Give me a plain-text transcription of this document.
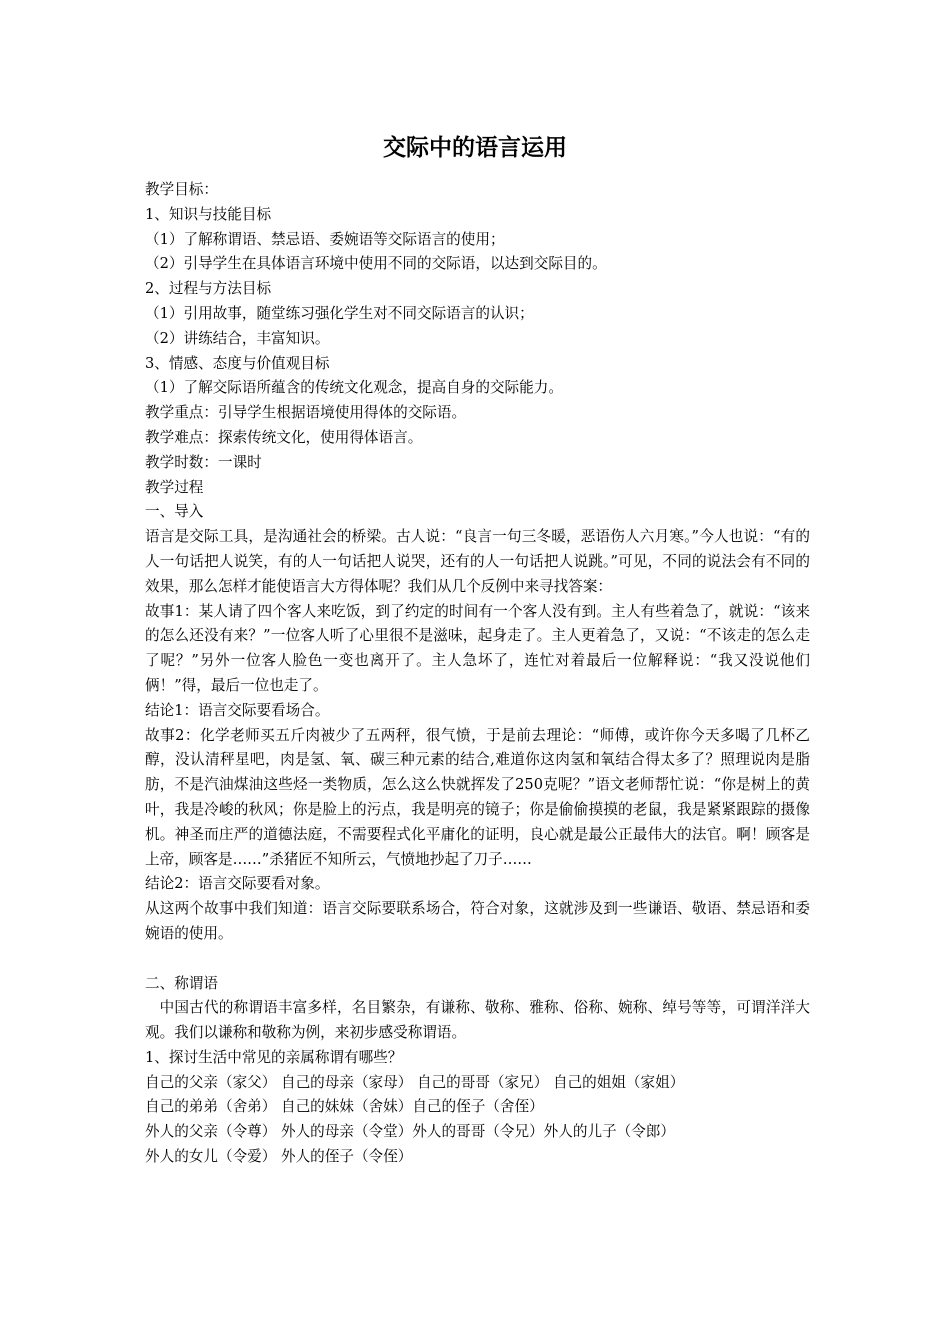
交际中的语言运用
教学目标：
1、知识与技能目标
（1）了解称谓语、禁忌语、委婉语等交际语言的使用；
（2）引导学生在具体语言环境中使用不同的交际语，以达到交际目的。
2、过程与方法目标
（1）引用故事，随堂练习强化学生对不同交际语言的认识；
（2）讲练结合，丰富知识。
3、情感、态度与价值观目标
（1）了解交际语所蕴含的传统文化观念，提高自身的交际能力。
教学重点：引导学生根据语境使用得体的交际语。
教学难点：探索传统文化，使用得体语言。
教学时数：一课时
教学过程
一、导入
语言是交际工具，是沟通社会的桥梁。古人说：“良言一句三冬暖，恶语伤人六月寒。”今人也说：“有的人一句话把人说笑，有的人一句话把人说哭，还有的人一句话把人说跳。”可见，不同的说法会有不同的效果，那么怎样才能使语言大方得体呢？我们从几个反例中来寻找答案：
故事1：某人请了四个客人来吃饭，到了约定的时间有一个客人没有到。主人有些着急了，就说：“该来的怎么还没有来？”一位客人听了心里很不是滋味，起身走了。主人更着急了，又说：“不该走的怎么走了呢？”另外一位客人脸色一变也离开了。主人急坏了，连忙对着最后一位解释说：“我又没说他们俩！”得，最后一位也走了。
结论1：语言交际要看场合。
故事2：化学老师买五斤肉被少了五两秤，很气愤，于是前去理论：“师傅，或许你今天多喝了几杯乙醇，没认清秤星吧，肉是氢、氧、碳三种元素的结合,难道你这肉氢和氧结合得太多了？照理说肉是脂肪，不是汽油煤油这些烃一类物质，怎么这么快就挥发了250克呢？”语文老师帮忙说：“你是树上的黄叶，我是冷峻的秋风；你是脸上的污点，我是明亮的镜子；你是偷偷摸摸的老鼠，我是紧紧跟踪的摄像机。神圣而庄严的道德法庭，不需要程式化平庸化的证明，良心就是最公正最伟大的法官。啊！顾客是上帝，顾客是……”杀猪匠不知所云，气愤地抄起了刀子……
结论2：语言交际要看对象。
从这两个故事中我们知道：语言交际要联系场合，符合对象，这就涉及到一些谦语、敬语、禁忌语和委婉语的使用。
二、称谓语
中国古代的称谓语丰富多样，名目繁杂，有谦称、敬称、雅称、俗称、婉称、绰号等等，可谓洋洋大观。我们以谦称和敬称为例，来初步感受称谓语。
1、探讨生活中常见的亲属称谓有哪些？
自己的父亲（家父） 自己的母亲（家母） 自己的哥哥（家兄） 自己的姐姐（家姐）
自己的弟弟（舍弟） 自己的妹妹（舍妹）自己的侄子（舍侄）
外人的父亲（令尊） 外人的母亲（令堂）外人的哥哥（令兄）外人的儿子（令郎）
外人的女儿（令爱） 外人的侄子（令侄）
